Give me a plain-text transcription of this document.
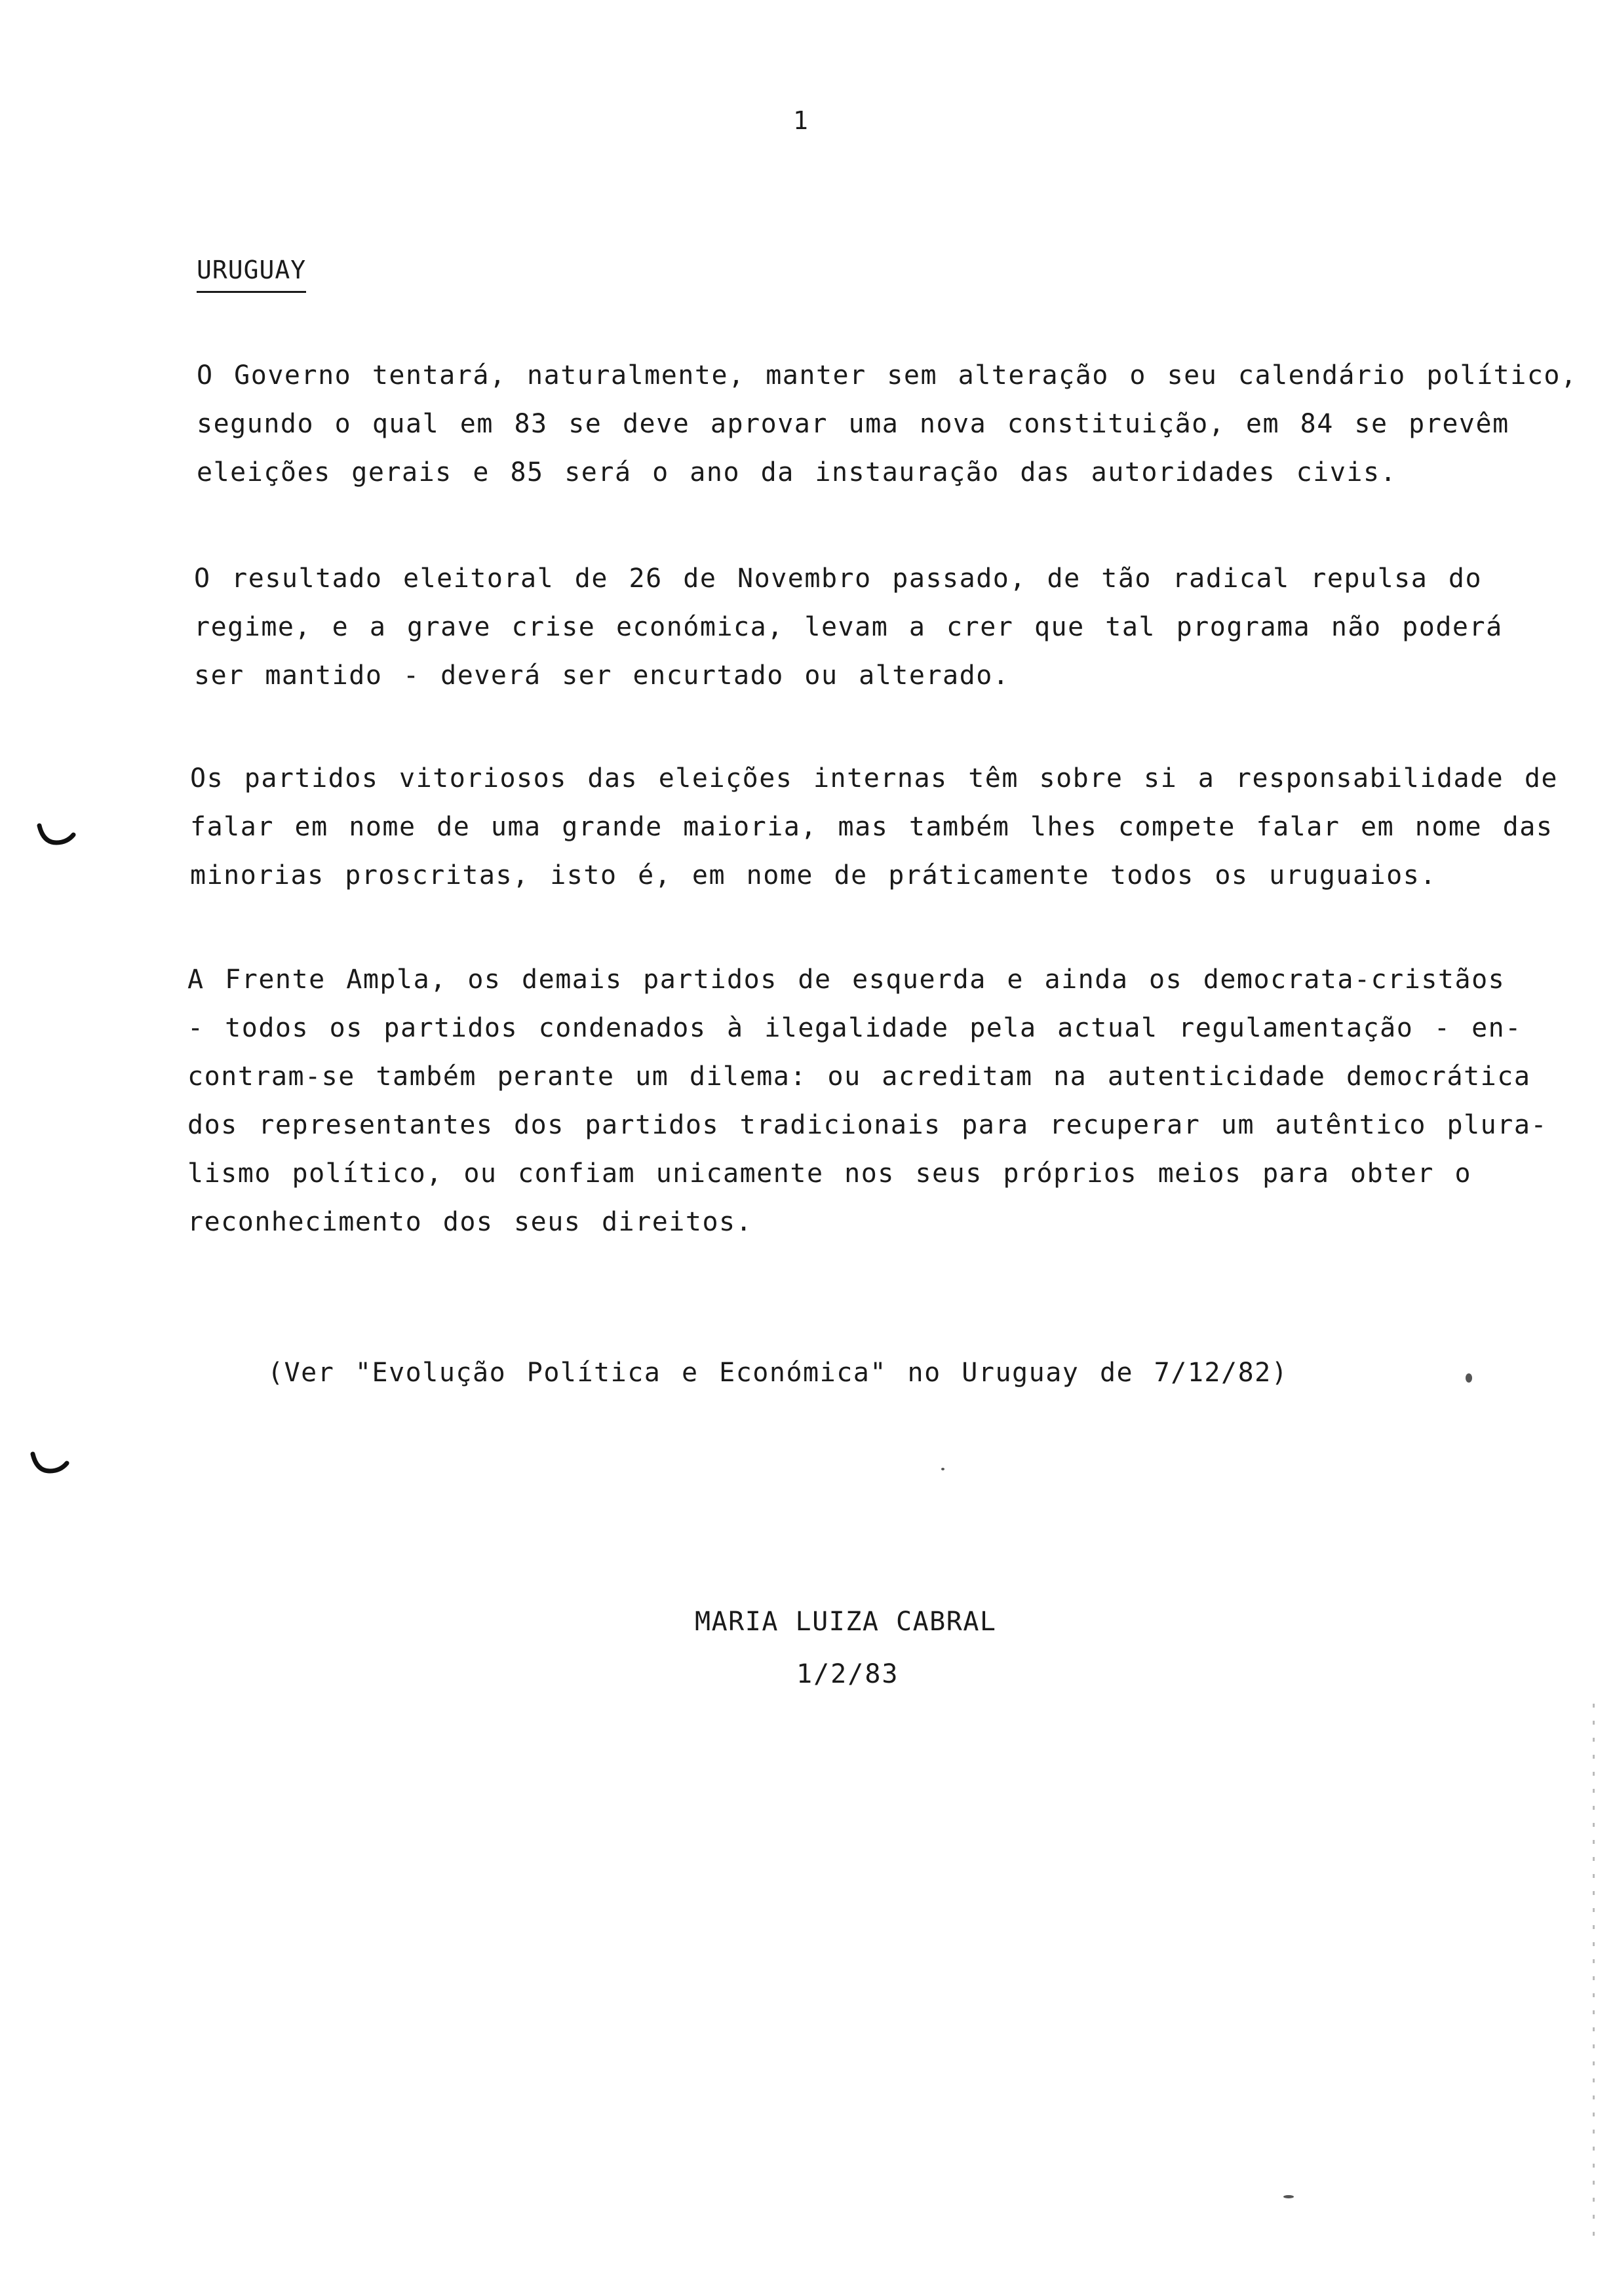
1
URUGUAY
O Governo tentará, naturalmente, manter sem alteração o seu calendário político,
segundo o qual em 83 se deve aprovar uma nova constituição, em 84 se prevêm
eleições gerais e 85 será o ano da instauração das autoridades civis.
O resultado eleitoral de 26 de Novembro passado, de tão radical repulsa do
regime, e a grave crise económica, levam a crer que tal programa não poderá
ser mantido - deverá ser encurtado ou alterado.
Os partidos vitoriosos das eleições internas têm sobre si a responsabilidade de
falar em nome de uma grande maioria, mas também lhes compete falar em nome das
minorias proscritas, isto é, em nome de práticamente todos os uruguaios.
A Frente Ampla, os demais partidos de esquerda e ainda os democrata-cristãos
- todos os partidos condenados à ilegalidade pela actual regulamentação - en-
contram-se também perante um dilema: ou acreditam na autenticidade democrática
dos representantes dos partidos tradicionais para recuperar um autêntico plura-
lismo político, ou confiam unicamente nos seus próprios meios para obter o
reconhecimento dos seus direitos.
(Ver "Evolução Política e Económica" no Uruguay de 7/12/82)
MARIA LUIZA CABRAL
1/2/83
